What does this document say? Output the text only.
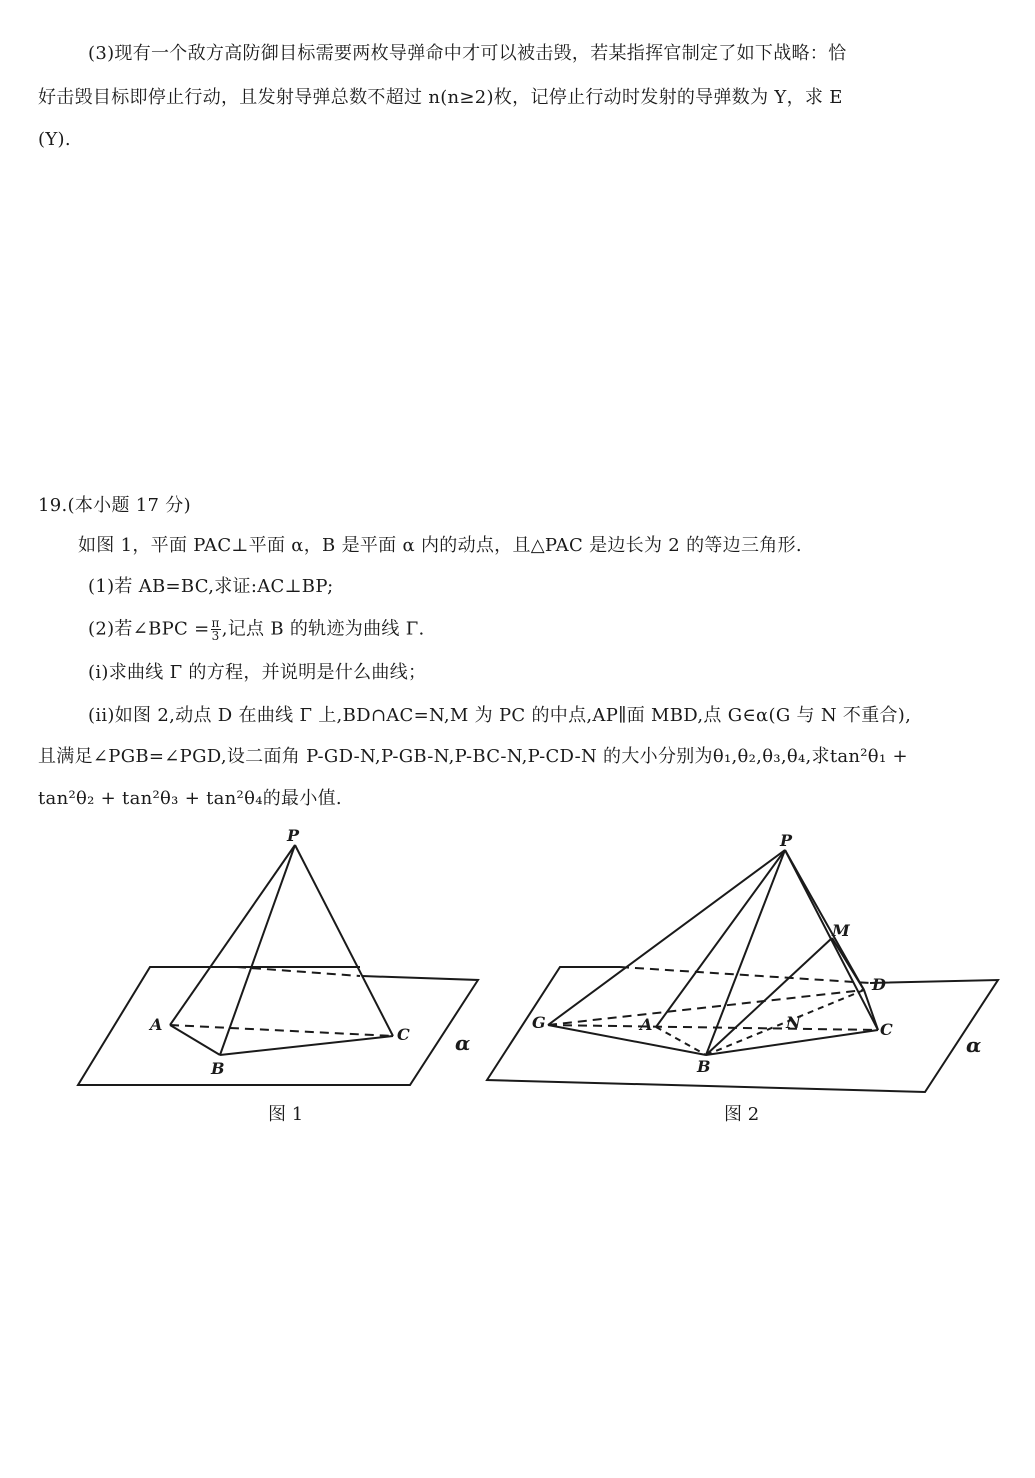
(3)现有一个敌方高防御目标需要两枚导弹命中才可以被击毁，若某指挥官制定了如下战略：恰
好击毁目标即停止行动，且发射导弹总数不超过 n(n≥2)枚，记停止行动时发射的导弹数为 Y，求 E
(Y).
19.(本小题 17 分)
如图 1，平面 PAC⊥平面 α，B 是平面 α 内的动点，且△PAC 是边长为 2 的等边三角形.
(1)若 AB=BC,求证:AC⊥BP;
(2)若∠BPC = $\frac{\pi}{3}$ ,记点 B 的轨迹为曲线 Γ.
(i)求曲线 Γ 的方程，并说明是什么曲线；
(ii)如图 2,动点 D 在曲线 Γ 上,BD∩AC=N,M 为 PC 的中点,AP∥面 MBD,点 G∈α(G 与 N 不重合),
且满足∠PGB=∠PGD,设二面角 P-GD-N,P-GB-N,P-BC-N,P-CD-N 的大小分别为θ₁,θ₂,θ₃,θ₄,求tan²θ₁ +
tan²θ₂ + tan²θ₃ + tan²θ₄的最小值.
P
A
B
C α
图 1
P
M
D
G	A	N	C
B
α
图 2
